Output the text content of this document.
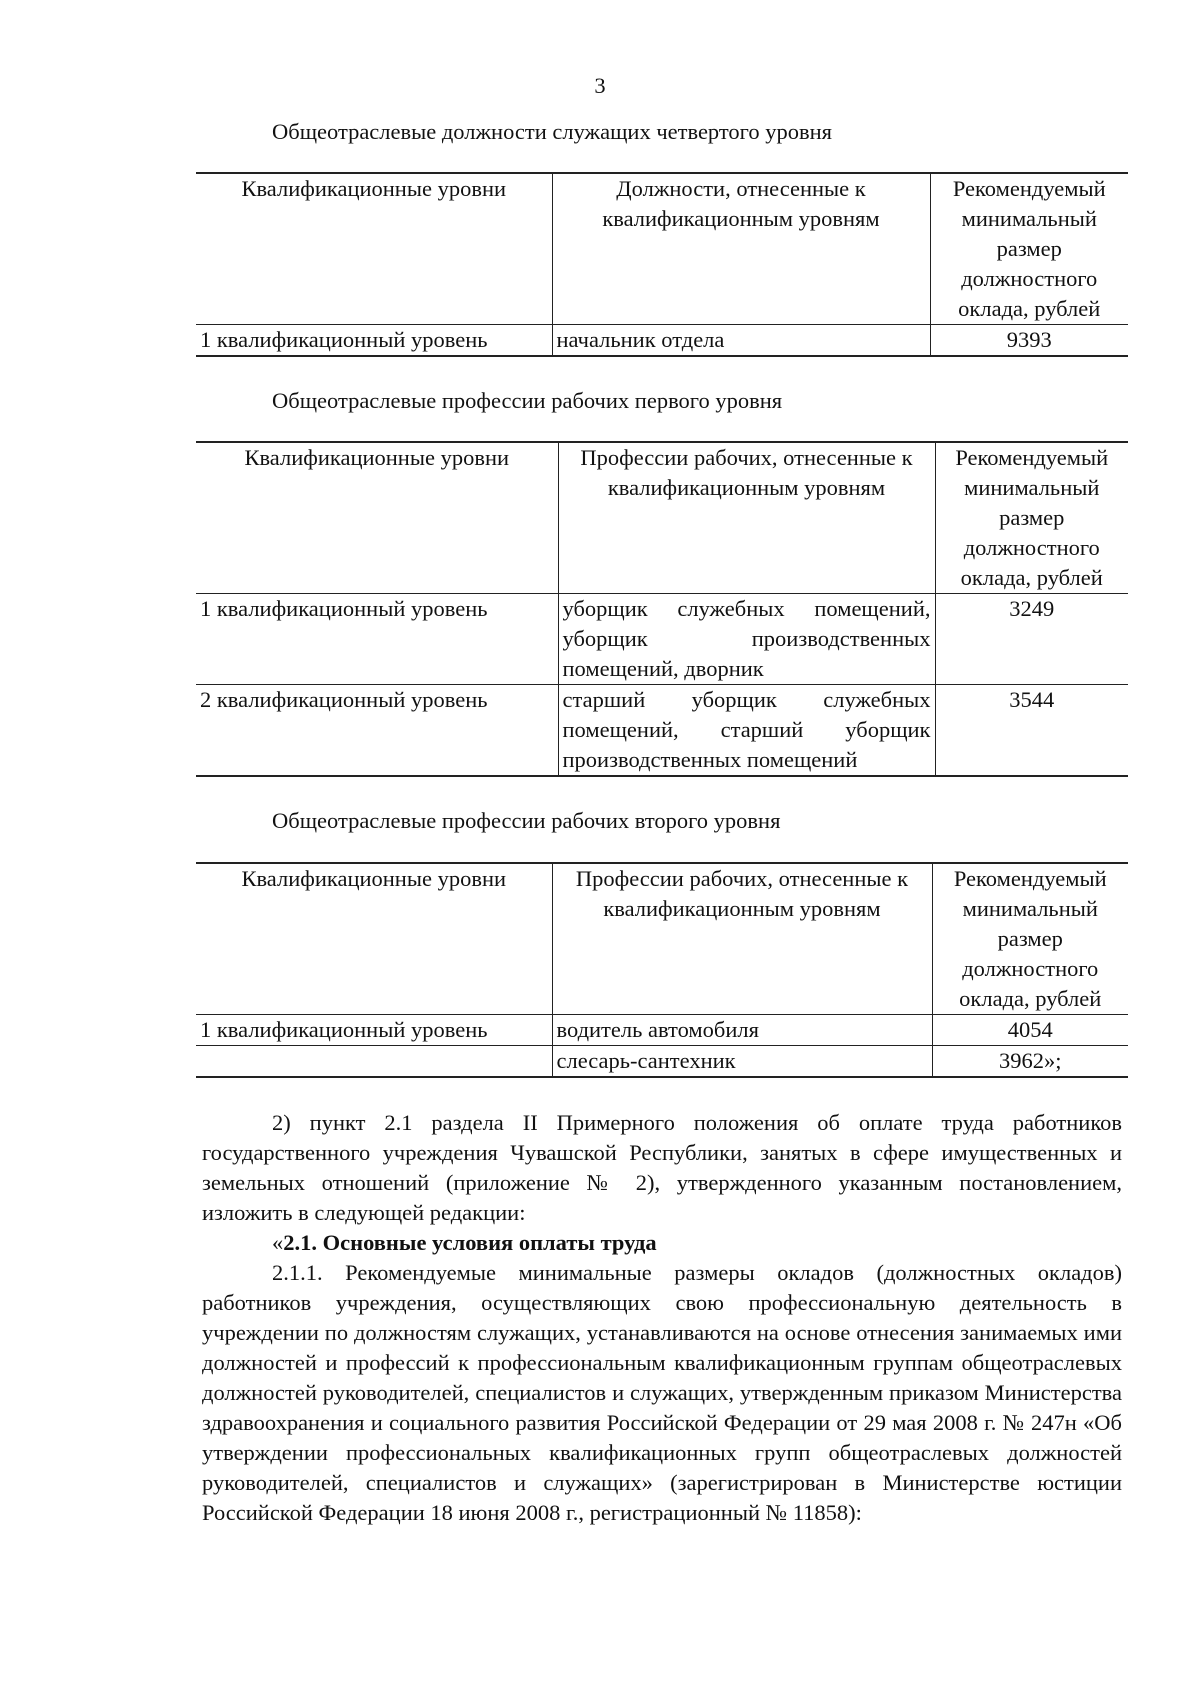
3
Общеотраслевые должности служащих четвертого уровня
Квалификационные уровни	Должности, отнесенные к квалификационным уровням	Рекомендуемый минимальный размер должностного оклада, рублей
1 квалификационный уровень	начальник отдела	9393
Общеотраслевые профессии рабочих первого уровня
Квалификационные уровни	Профессии рабочих, отнесенные к квалификационным уровням	Рекомендуемый минимальный размер должностного оклада, рублей
1 квалификационный уровень	уборщик служебных помещений, уборщик производственных помещений, дворник	3249
2 квалификационный уровень	старший уборщик служебных помещений, старший уборщик производственных помещений	3544
Общеотраслевые профессии рабочих второго уровня
Квалификационные уровни	Профессии рабочих, отнесенные к квалификационным уровням	Рекомендуемый минимальный размер должностного оклада, рублей
1 квалификационный уровень	водитель автомобиля	4054
	слесарь-сантехник	3962»;

2) пункт 2.1 раздела II Примерного положения об оплате труда работников государственного учреждения Чувашской Республики, занятых в сфере имущественных и земельных отношений (приложение № 2), утвержденного указанным постановлением, изложить в следующей редакции:

«2.1. Основные условия оплаты труда

2.1.1. Рекомендуемые минимальные размеры окладов (должностных окладов) работников учреждения, осуществляющих свою профессиональную деятельность в учреждении по должностям служащих, устанавливаются на основе отнесения занимаемых ими должностей и профессий к профессиональным квалификационным группам общеотраслевых должностей руководителей, специалистов и служащих, утвержденным приказом Министерства здравоохранения и социального развития Российской Федерации от 29 мая 2008 г. № 247н «Об утверждении профессиональных квалификационных групп общеотраслевых должностей руководителей, специалистов и служащих» (зарегистрирован в Министерстве юстиции Российской Федерации 18 июня 2008 г., регистрационный № 11858):
